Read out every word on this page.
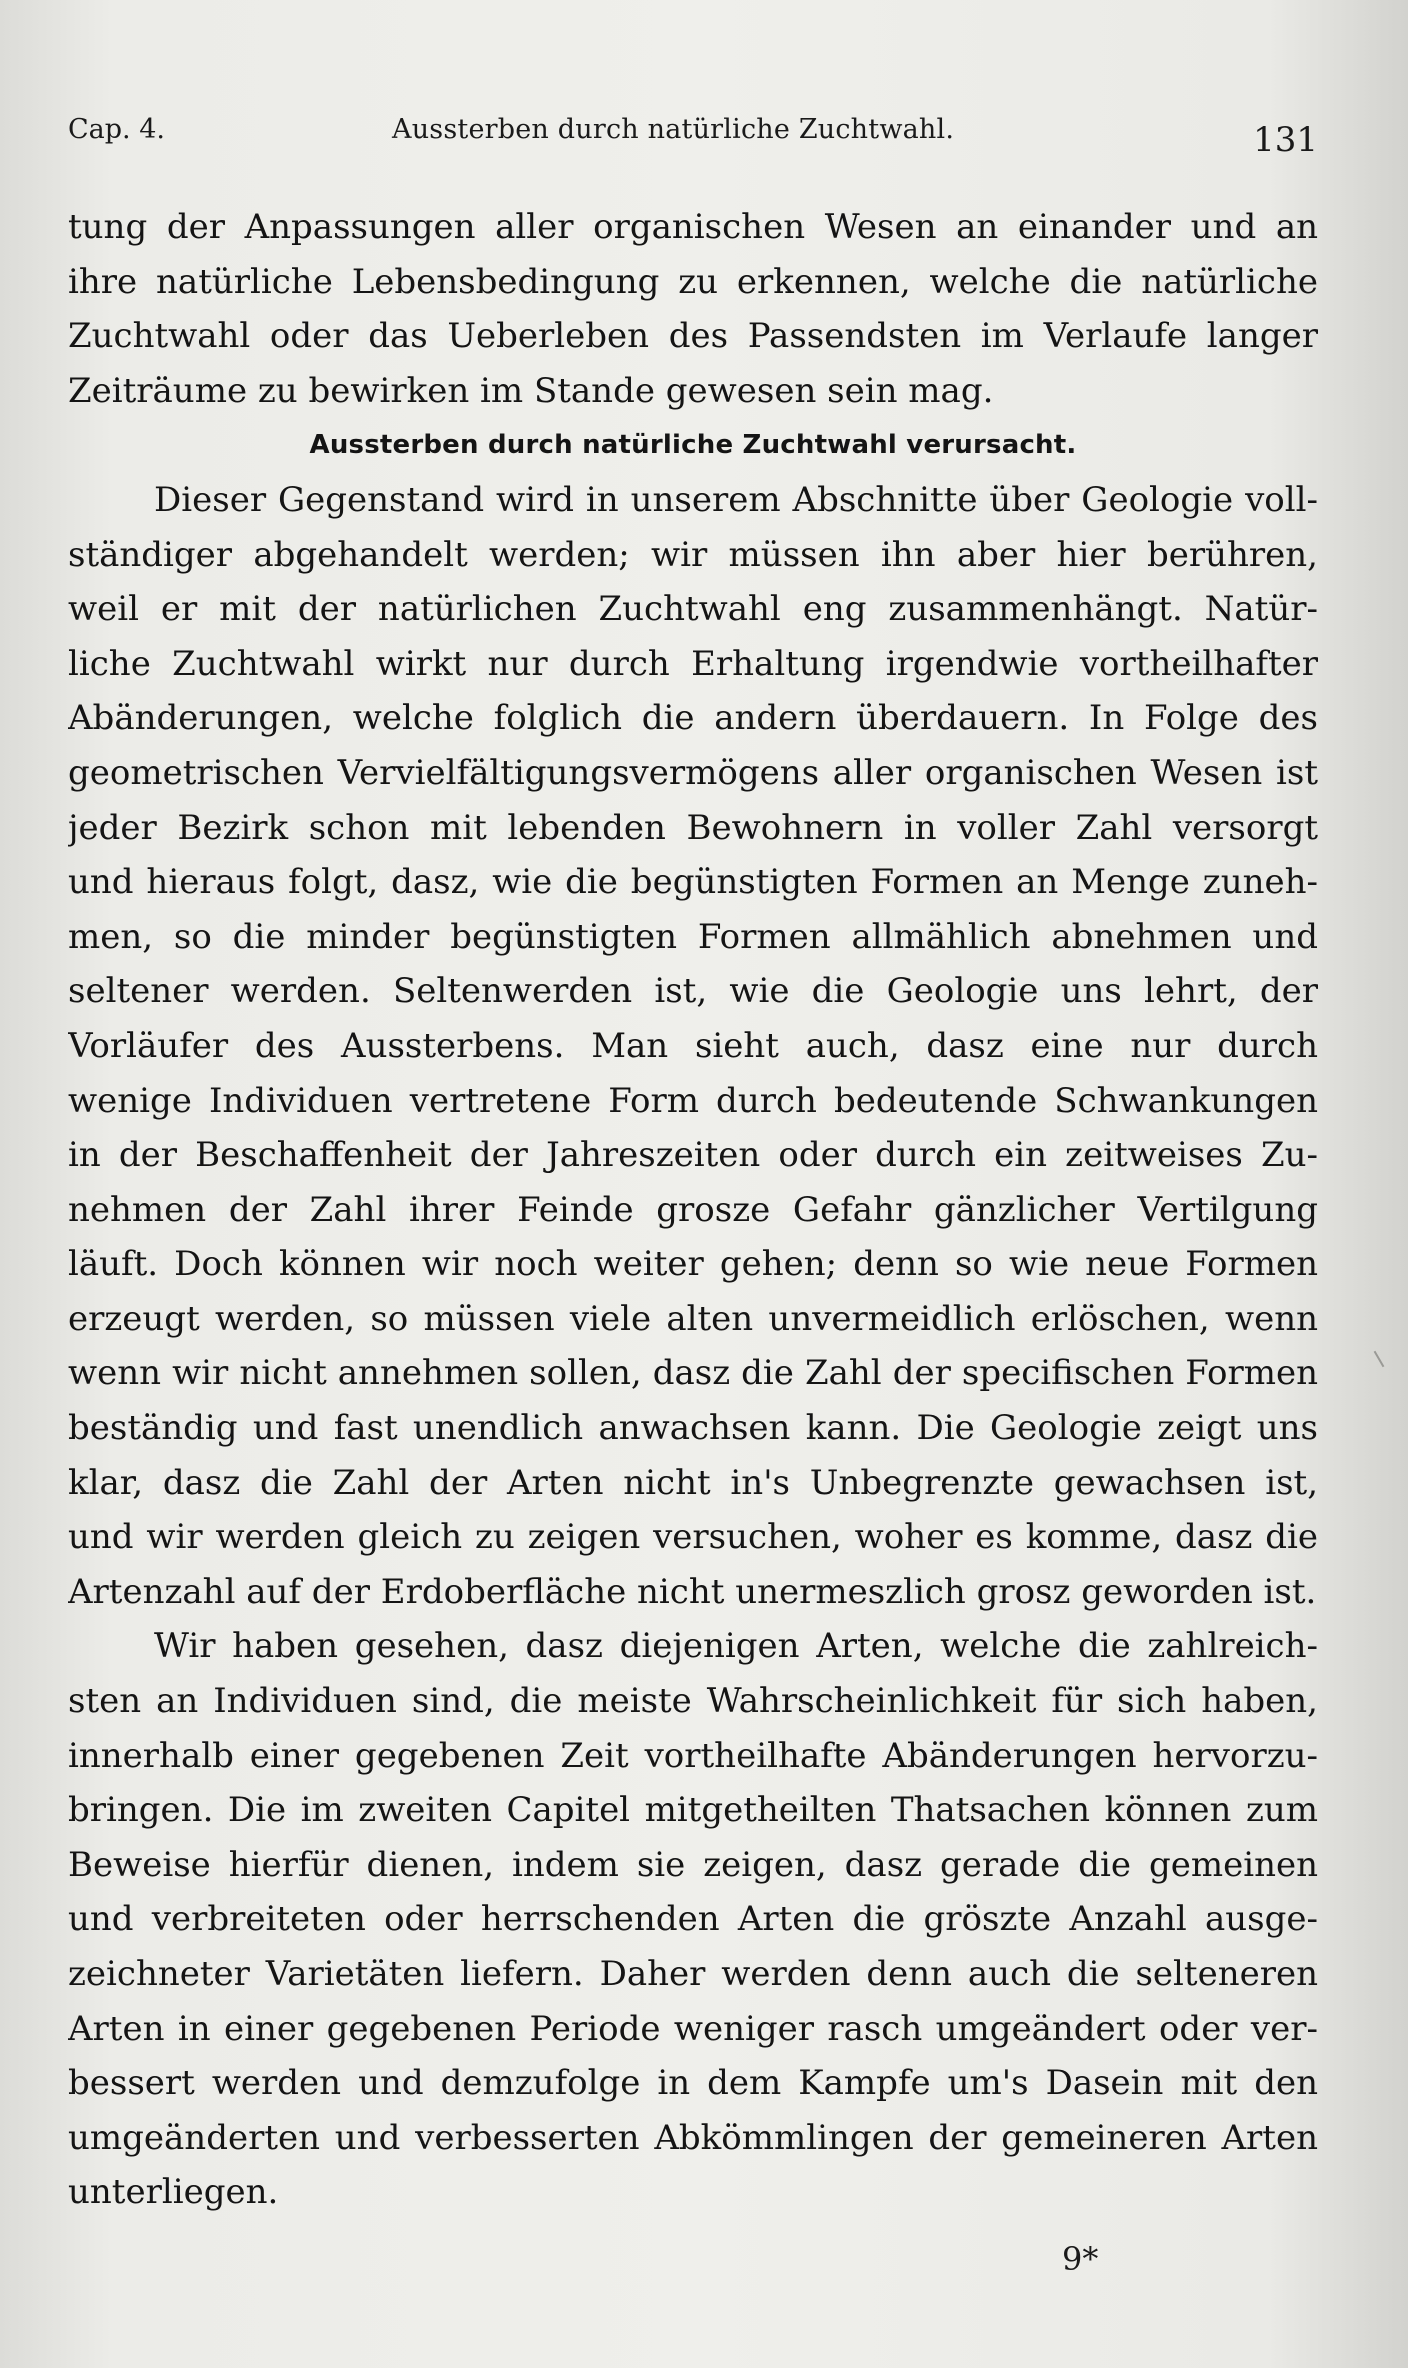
Cap. 4.	Aussterben durch natürliche Zuchtwahl.	131
tung der Anpassungen aller organischen Wesen an einander und an
ihre natürliche Lebensbedingung zu erkennen, welche die natürliche
Zuchtwahl oder das Ueberleben des Passendsten im Verlaufe langer
Zeiträume zu bewirken im Stande gewesen sein mag.
Aussterben durch natürliche Zuchtwahl verursacht.
Dieser Gegenstand wird in unserem Abschnitte über Geologie voll-
ständiger abgehandelt werden; wir müssen ihn aber hier berühren,
weil er mit der natürlichen Zuchtwahl eng zusammenhängt. Natür-
liche Zuchtwahl wirkt nur durch Erhaltung irgendwie vortheilhafter
Abänderungen, welche folglich die andern überdauern. In Folge des
geometrischen Vervielfältigungsvermögens aller organischen Wesen ist
jeder Bezirk schon mit lebenden Bewohnern in voller Zahl versorgt
und hieraus folgt, dasz, wie die begünstigten Formen an Menge zuneh-
men, so die minder begünstigten Formen allmählich abnehmen und
seltener werden. Seltenwerden ist, wie die Geologie uns lehrt, der
Vorläufer des Aussterbens. Man sieht auch, dasz eine nur durch
wenige Individuen vertretene Form durch bedeutende Schwankungen
in der Beschaffenheit der Jahreszeiten oder durch ein zeitweises Zu-
nehmen der Zahl ihrer Feinde grosze Gefahr gänzlicher Vertilgung
läuft. Doch können wir noch weiter gehen; denn so wie neue Formen
erzeugt werden, so müssen viele alten unvermeidlich erlöschen, wenn
wenn wir nicht annehmen sollen, dasz die Zahl der specifischen Formen
beständig und fast unendlich anwachsen kann. Die Geologie zeigt uns
klar, dasz die Zahl der Arten nicht in's Unbegrenzte gewachsen ist,
und wir werden gleich zu zeigen versuchen, woher es komme, dasz die
Artenzahl auf der Erdoberfläche nicht unermeszlich grosz geworden ist.
Wir haben gesehen, dasz diejenigen Arten, welche die zahlreich-
sten an Individuen sind, die meiste Wahrscheinlichkeit für sich haben,
innerhalb einer gegebenen Zeit vortheilhafte Abänderungen hervorzu-
bringen. Die im zweiten Capitel mitgetheilten Thatsachen können zum
Beweise hierfür dienen, indem sie zeigen, dasz gerade die gemeinen
und verbreiteten oder herrschenden Arten die gröszte Anzahl ausge-
zeichneter Varietäten liefern. Daher werden denn auch die selteneren
Arten in einer gegebenen Periode weniger rasch umgeändert oder ver-
bessert werden und demzufolge in dem Kampfe um's Dasein mit den
umgeänderten und verbesserten Abkömmlingen der gemeineren Arten
unterliegen.
9*
